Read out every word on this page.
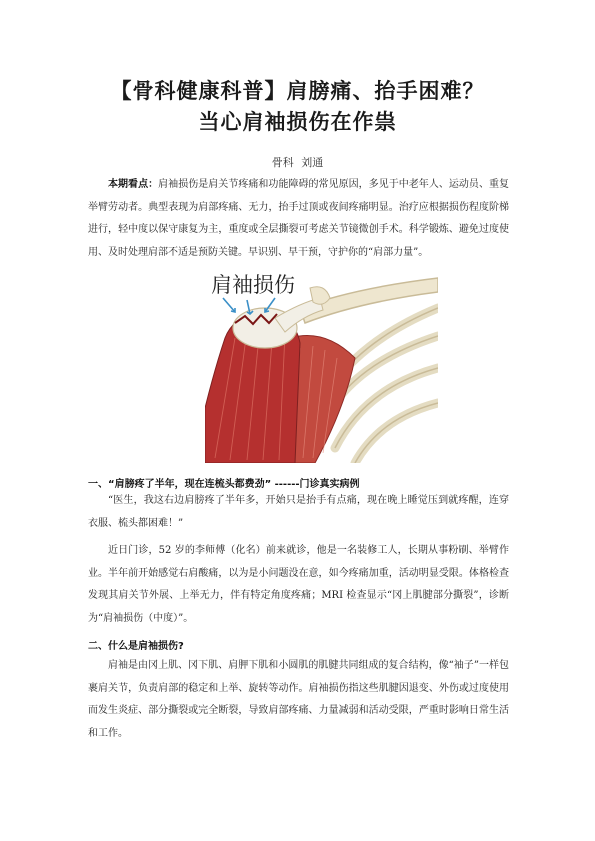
【骨科健康科普】肩膀痛、抬手困难？
当心肩袖损伤在作祟
骨科 刘通

本期看点：肩袖损伤是肩关节疼痛和功能障碍的常见原因，多见于中老年人、运动员、重复举臂劳动者。典型表现为肩部疼痛、无力，抬手过顶或夜间疼痛明显。治疗应根据损伤程度阶梯进行，轻中度以保守康复为主，重度或全层撕裂可考虑关节镜微创手术。科学锻炼、避免过度使用、及时处理肩部不适是预防关键。早识别、早干预，守护你的“肩部力量”。

肩袖损伤

一、“肩膀疼了半年，现在连梳头都费劲” ------门诊真实病例

“医生，我这右边肩膀疼了半年多，开始只是抬手有点痛，现在晚上睡觉压到就疼醒，连穿衣服、梳头都困难！”

近日门诊，52 岁的李师傅（化名）前来就诊，他是一名装修工人，长期从事粉刷、举臂作业。半年前开始感觉右肩酸痛，以为是小问题没在意，如今疼痛加重，活动明显受限。体格检查发现其肩关节外展、上举无力，伴有特定角度疼痛；MRI 检查显示“冈上肌腱部分撕裂”，诊断为“肩袖损伤（中度）”。

二、什么是肩袖损伤?

肩袖是由冈上肌、冈下肌、肩胛下肌和小圆肌的肌腱共同组成的复合结构，像“袖子”一样包裹肩关节，负责肩部的稳定和上举、旋转等动作。肩袖损伤指这些肌腱因退变、外伤或过度使用而发生炎症、部分撕裂或完全断裂，导致肩部疼痛、力量减弱和活动受限，严重时影响日常生活和工作。
